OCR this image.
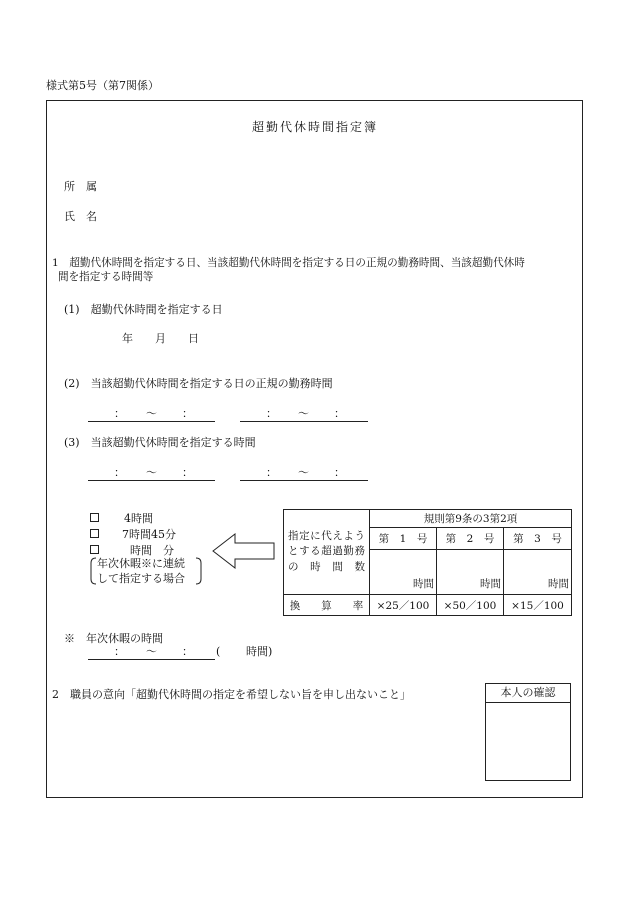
様式第5号（第7関係）
超勤代休時間指定簿
所　属
氏　名
1　超勤代休時間を指定する日、当該超勤代休時間を指定する日の正規の勤務時間、当該超勤代休時
間を指定する時間等
(1)　超勤代休時間を指定する日
年　　月　　日
(2)　当該超勤代休時間を指定する日の正規の勤務時間
： 〜 ：	： 〜 ：
(3)　当該超勤代休時間を指定する時間
： 〜 ：	： 〜 ：
4時間
7時間45分
時間　分
年次休暇※に連続
して指定する場合
指定に代えようとする超過勤務の時間数	規則第9条の3第2項		
	第　1　号	第　2　号	第　3　号
	時間	時間	時間
換　　算　　率	×25／100	×50／100	×15／100
※　年次休暇の時間
： 〜 ： ( 時間)
2　職員の意向「超勤代休時間の指定を希望しない旨を申し出ないこと」	本人の確認
